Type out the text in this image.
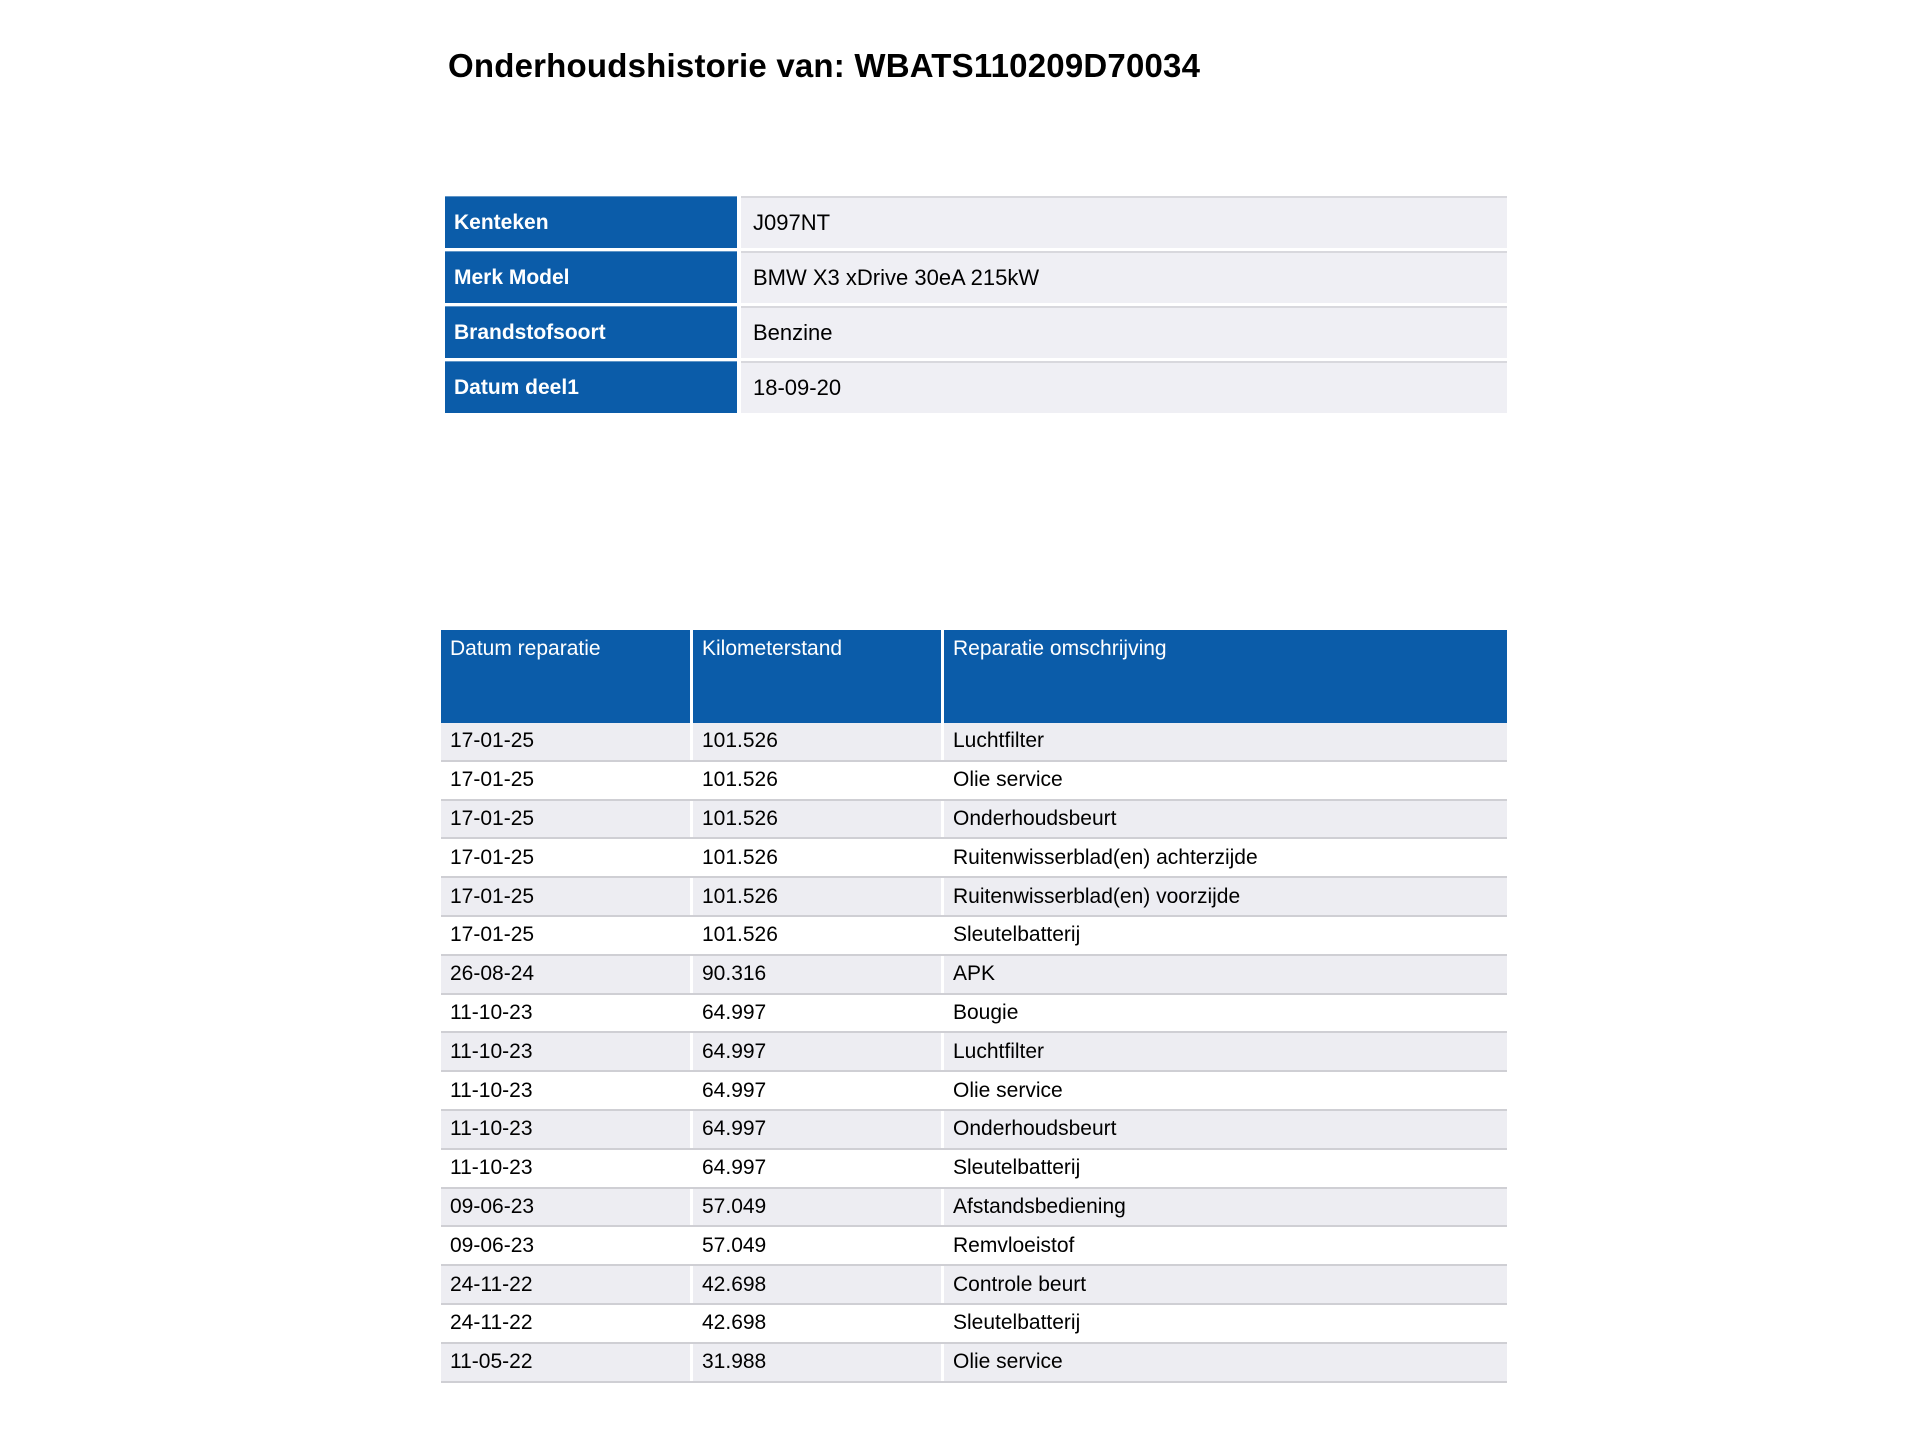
Onderhoudshistorie van: WBATS110209D70034
Kenteken	J097NT
Merk Model	BMW X3 xDrive 30eA 215kW
Brandstofsoort	Benzine
Datum deel1	18-09-20
Datum reparatie	Kilometerstand	Reparatie omschrijving
17-01-25	101.526	Luchtfilter
17-01-25	101.526	Olie service
17-01-25	101.526	Onderhoudsbeurt
17-01-25	101.526	Ruitenwisserblad(en) achterzijde
17-01-25	101.526	Ruitenwisserblad(en) voorzijde
17-01-25	101.526	Sleutelbatterij
26-08-24	90.316	APK
11-10-23	64.997	Bougie
11-10-23	64.997	Luchtfilter
11-10-23	64.997	Olie service
11-10-23	64.997	Onderhoudsbeurt
11-10-23	64.997	Sleutelbatterij
09-06-23	57.049	Afstandsbediening
09-06-23	57.049	Remvloeistof
24-11-22	42.698	Controle beurt
24-11-22	42.698	Sleutelbatterij
11-05-22	31.988	Olie service
